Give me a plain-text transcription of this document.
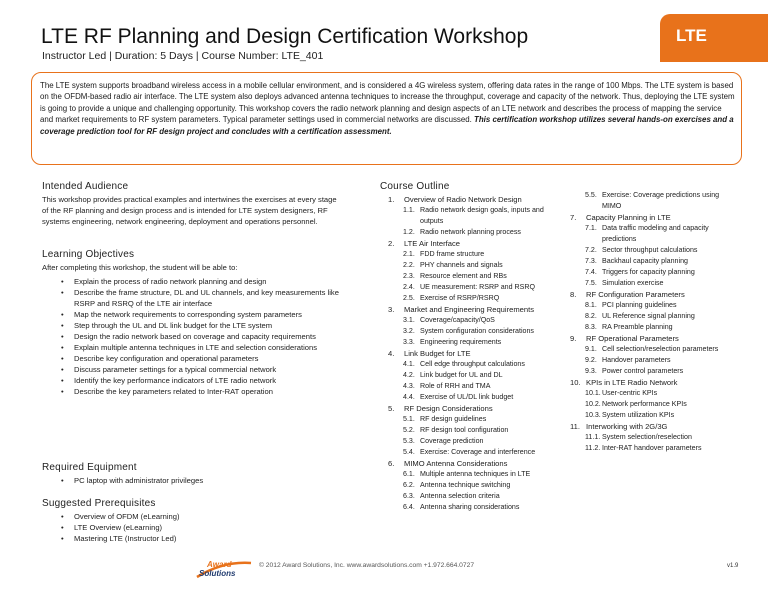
LTE RF Planning and Design Certification Workshop
Instructor Led | Duration: 5 Days | Course Number: LTE_401
LTE
The LTE system supports broadband wireless access in a mobile cellular environment, and is considered a 4G wireless system, offering data rates in the range of 100 Mbps. The LTE system is based on the OFDM-based radio air interface. The LTE system also deploys advanced antenna techniques to increase the throughput, coverage and capacity of the network. Thus, deploying the LTE system is going to provide a unique and challenging opportunity. This workshop covers the radio network planning and design aspects of an LTE network and describes the process of mapping the service and market requirements to RF system parameters. Typical parameter settings used in commercial networks are discussed. This certification workshop utilizes several hands-on exercises and a coverage prediction tool for RF design project and concludes with a certification assessment.
Intended Audience
This workshop provides practical examples and intertwines the exercises at every stage of the RF planning and design process and is intended for LTE system designers, RF systems engineering, network engineering, deployment and operations personnel.
Learning Objectives
After completing this workshop, the student will be able to:
• Explain the process of radio network planning and design
• Describe the frame structure, DL and UL channels, and key measurements like RSRP and RSRQ of the LTE air interface
• Map the network requirements to corresponding system parameters
• Step through the UL and DL link budget for the LTE system
• Design the radio network based on coverage and capacity requirements
• Explain multiple antenna techniques in LTE and selection considerations
• Describe key configuration and operational parameters
• Discuss parameter settings for a typical commercial network
• Identify the key performance indicators of LTE radio network
• Describe the key parameters related to Inter-RAT operation
Required Equipment
• PC laptop with administrator privileges
Suggested Prerequisites
• Overview of OFDM (eLearning)
• LTE Overview (eLearning)
• Mastering LTE (Instructor Led)
Course Outline
1. Overview of Radio Network Design
1.1. Radio network design goals, inputs and outputs
1.2. Radio network planning process
2. LTE Air Interface
2.1. FDD frame structure
2.2. PHY channels and signals
2.3. Resource element and RBs
2.4. UE measurement: RSRP and RSRQ
2.5. Exercise of RSRP/RSRQ
3. Market and Engineering Requirements
3.1. Coverage/capacity/QoS
3.2. System configuration considerations
3.3. Engineering requirements
4. Link Budget for LTE
4.1. Cell edge throughput calculations
4.2. Link budget for UL and DL
4.3. Role of RRH and TMA
4.4. Exercise of UL/DL link budget
5. RF Design Considerations
5.1. RF design guidelines
5.2. RF design tool configuration
5.3. Coverage prediction
5.4. Exercise: Coverage and interference
6. MIMO Antenna Considerations
6.1. Multiple antenna techniques in LTE
6.2. Antenna technique switching
6.3. Antenna selection criteria
6.4. Antenna sharing considerations
5.5. Exercise: Coverage predictions using MIMO
7. Capacity Planning in LTE
7.1. Data traffic modeling and capacity predictions
7.2. Sector throughput calculations
7.3. Backhaul capacity planning
7.4. Triggers for capacity planning
7.5. Simulation exercise
8. RF Configuration Parameters
8.1. PCI planning guidelines
8.2. UL Reference signal planning
8.3. RA Preamble planning
9. RF Operational Parameters
9.1. Cell selection/reselection parameters
9.2. Handover parameters
9.3. Power control parameters
10. KPIs in LTE Radio Network
10.1. User-centric KPIs
10.2. Network performance KPIs
10.3. System utilization KPIs
11. Interworking with 2G/3G
11.1. System selection/reselection
11.2. Inter-RAT handover parameters
Award
Solutions
© 2012 Award Solutions, Inc. www.awardsolutions.com +1.972.664.0727	v1.9
